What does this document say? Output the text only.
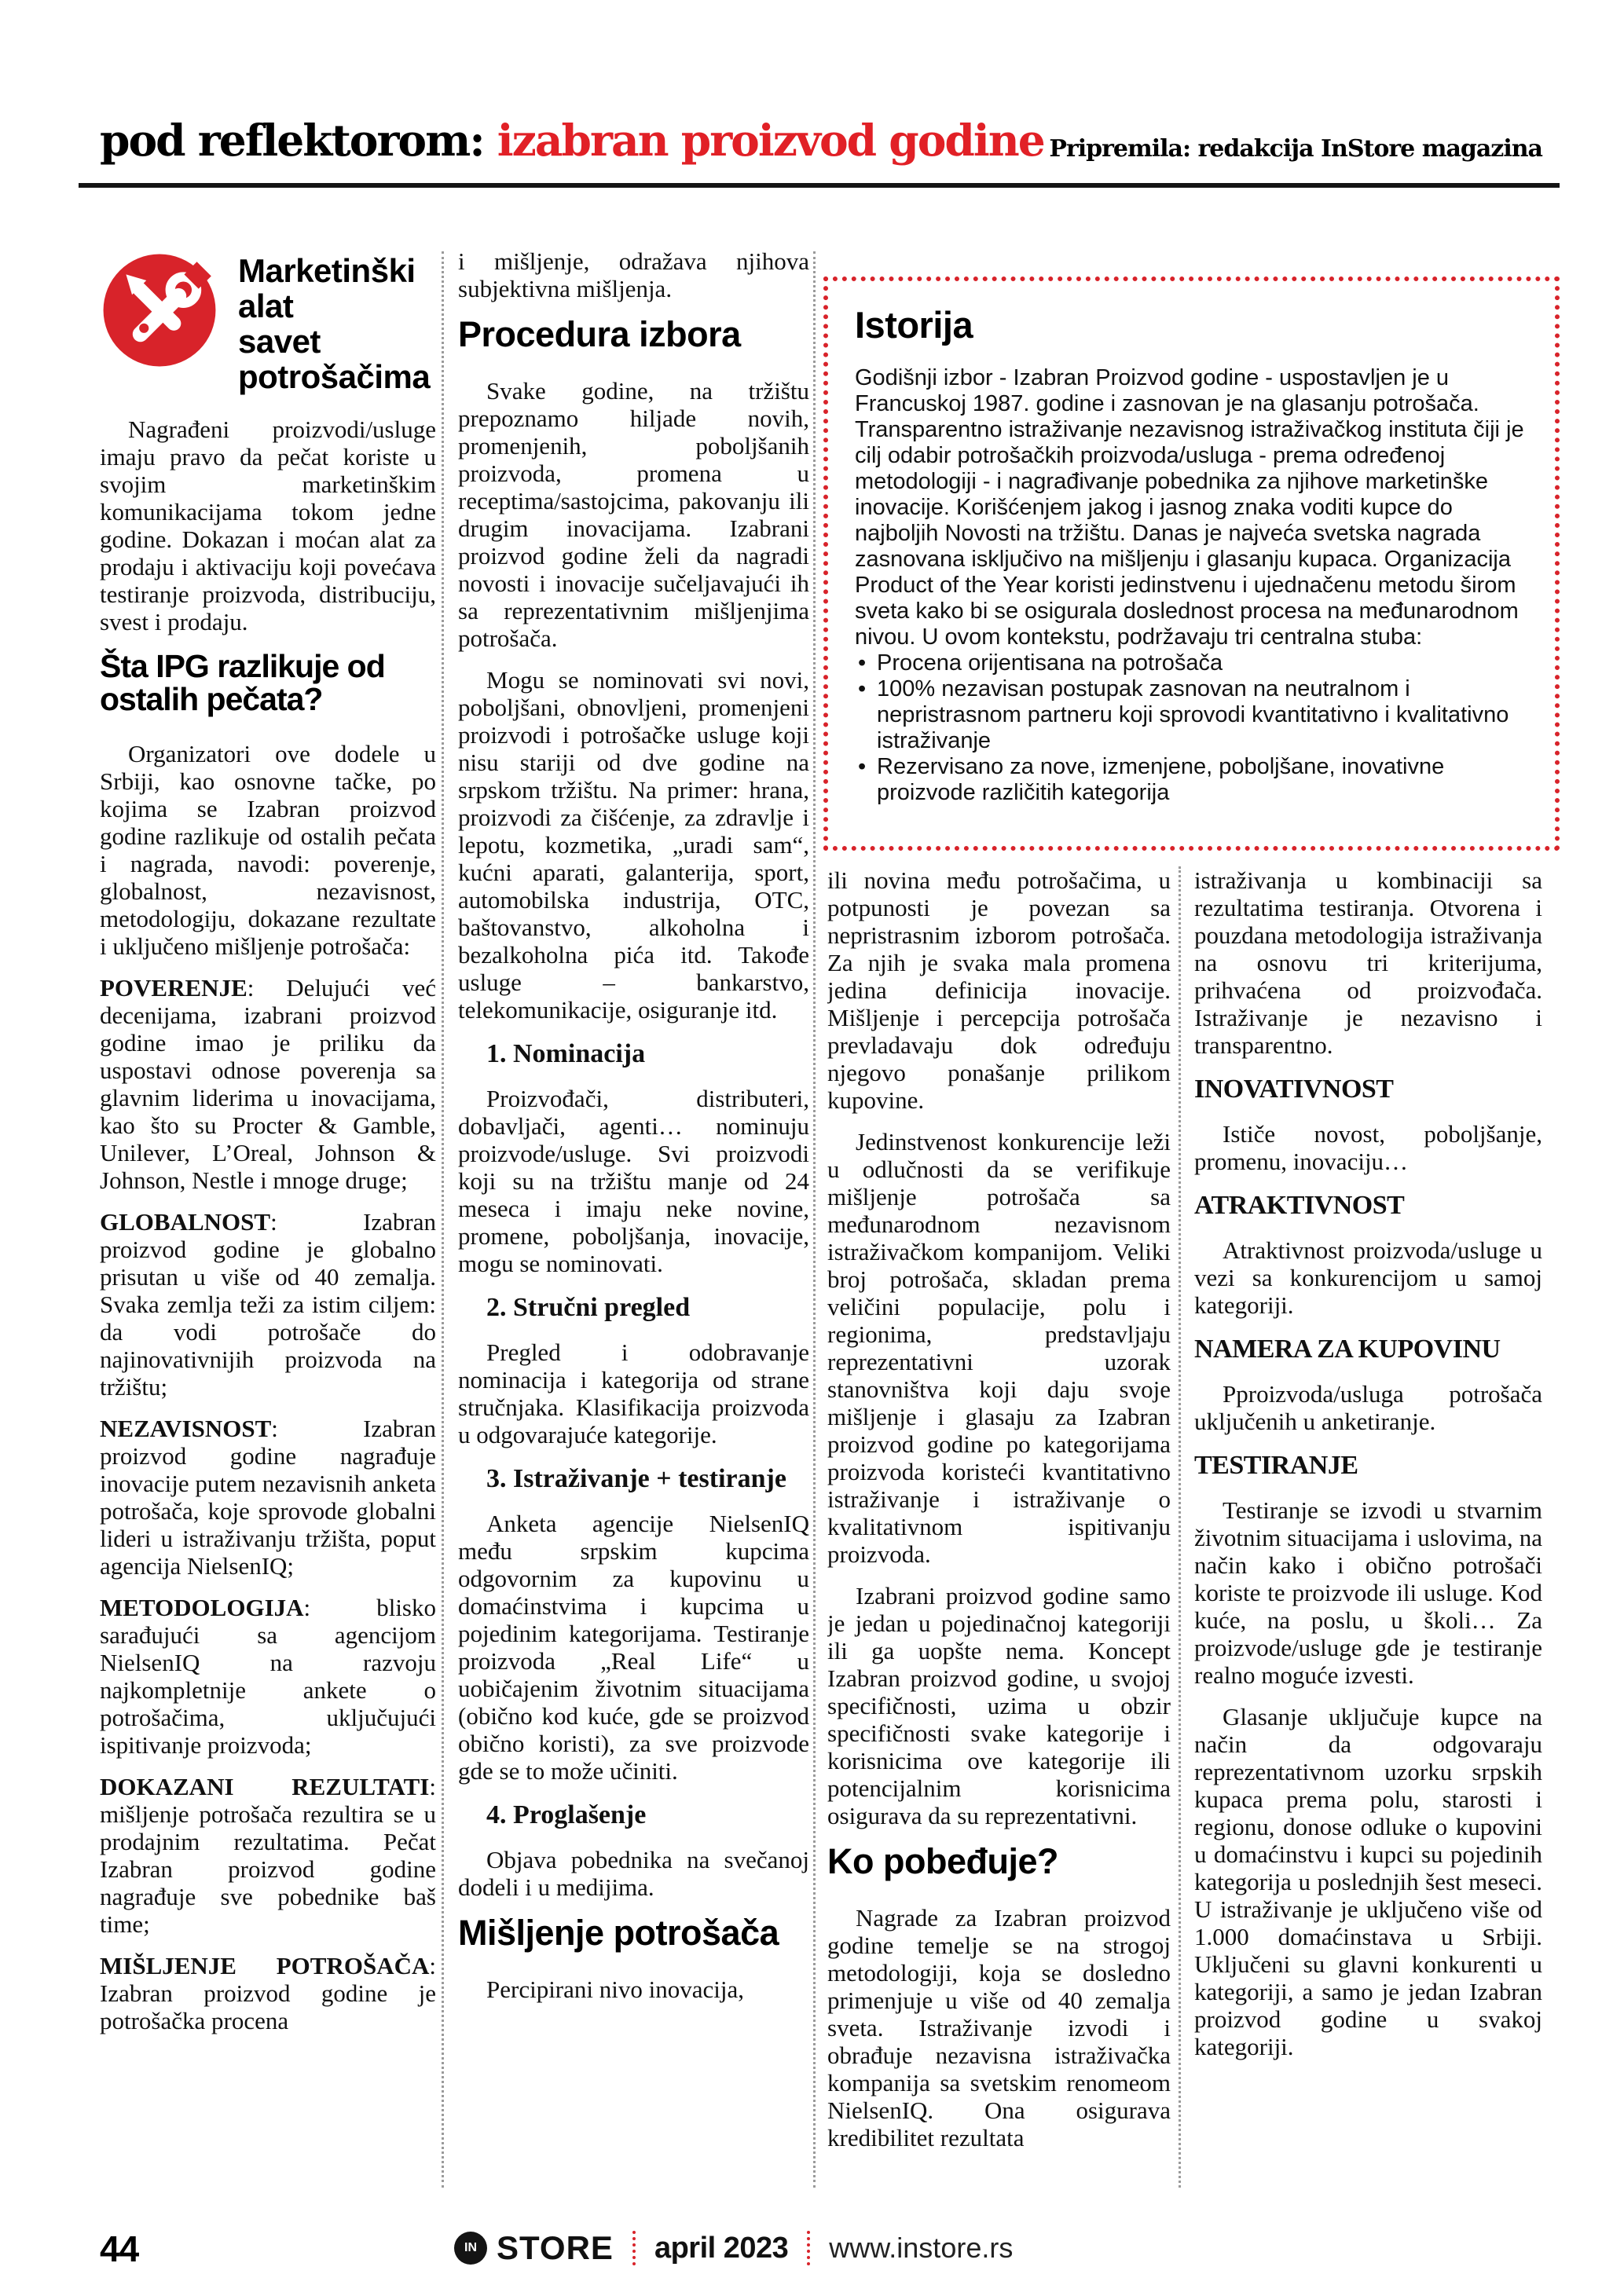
pod reflektorom: izabran proizvod godine Pripremila: redakcija InStore magazina
Marketinški
alat
savet
potrošačima

Nagrađeni proizvodi/usluge imaju pravo da pečat koriste u svojim marketinškim komunikacijama tokom jedne godine. Dokazan i moćan alat za prodaju i aktivaciju koji povećava testiranje proizvoda, distribuciju, svest i prodaju.

Šta IPG razlikuje od ostalih pečata?

Organizatori ove dodele u Srbiji, kao osnovne tačke, po kojima se Izabran proizvod godine razlikuje od ostalih pečata i nagrada, navodi: poverenje, globalnost, nezavisnost, metodologiju, dokazane rezultate i uključeno mišljenje potrošača:

POVERENJE: Delujući već decenijama, izabrani proizvod godine imao je priliku da uspostavi odnose poverenja sa glavnim liderima u inovacijama, kao što su Procter & Gamble, Unilever, L’Oreal, Johnson & Johnson, Nestle i mnoge druge;

GLOBALNOST: Izabran proizvod godine je globalno prisutan u više od 40 zemalja. Svaka zemlja teži za istim ciljem: da vodi potrošače do najinovativnijih proizvoda na tržištu;

NEZAVISNOST: Izabran proizvod godine nagrađuje inovacije putem nezavisnih anketa potrošača, koje sprovode globalni lideri u istraživanju tržišta, poput agencija NielsenIQ;

METODOLOGIJA: blisko sarađujući sa agencijom NielsenIQ na razvoju najkompletnije ankete o potrošačima, uključujući ispitivanje proizvoda;

DOKAZANI REZULTATI: mišljenje potrošača rezultira se u prodajnim rezultatima. Pečat Izabran proizvod godine nagrađuje sve pobednike baš time;

MIŠLJENJE POTROŠAČA: Izabran proizvod godine je potrošačka procena

i mišljenje, odražava njihova subjektivna mišljenja.

Procedura izbora

Svake godine, na tržištu prepoznamo hiljade novih, promenjenih, poboljšanih proizvoda, promena u receptima/sastojcima, pakovanju ili drugim inovacijama. Izabrani proizvod godine želi da nagradi novosti i inovacije sučeljavajući ih sa reprezentativnim mišljenjima potrošača.

Mogu se nominovati svi novi, poboljšani, obnovljeni, promenjeni proizvodi i potrošačke usluge koji nisu stariji od dve godine na srpskom tržištu. Na primer: hrana, proizvodi za čišćenje, za zdravlje i lepotu, kozmetika, „uradi sam“, kućni aparati, galanterija, sport, automobilska industrija, OTC, baštovanstvo, alkoholna i bezalkoholna pića itd. Takođe usluge – bankarstvo, telekomunikacije, osiguranje itd.

1. Nominacija

Proizvođači, distributeri, dobavljači, agenti… nominuju proizvode/usluge. Svi proizvodi koji su na tržištu manje od 24 meseca i imaju neke novine, promene, poboljšanja, inovacije, mogu se nominovati.

2. Stručni pregled

Pregled i odobravanje nominacija i kategorija od strane stručnjaka. Klasifikacija proizvoda u odgovarajuće kategorije.

3. Istraživanje + testiranje

Anketa agencije NielsenIQ među srpskim kupcima odgovornim za kupovinu u domaćinstvima i kupcima u pojedinim kategorijama. Testiranje proizvoda „Real Life“ u uobičajenim životnim situacijama (obično kod kuće, gde se proizvod obično koristi), za sve proizvode gde se to može učiniti.

4. Proglašenje

Objava pobednika na svečanoj dodeli i u medijima.

Mišljenje potrošača

Percipirani nivo inovacija,

Istorija

Godišnji izbor - Izabran Proizvod godine - uspostavljen je u Francuskoj 1987. godine i zasnovan je na glasanju potrošača. Transparentno istraživanje nezavisnog istraživačkog instituta čiji je cilj odabir potrošačkih proizvoda/usluga - prema određenoj metodologiji - i nagrađivanje pobednika za njihove marketinške inovacije. Korišćenjem jakog i jasnog znaka voditi kupce do najboljih Novosti na tržištu. Danas je najveća svetska nagrada zasnovana isključivo na mišljenju i glasanju kupaca. Organizacija Product of the Year koristi jedinstvenu i ujednačenu metodu širom sveta kako bi se osigurala doslednost procesa na međunarodnom nivou. U ovom kontekstu, podržavaju tri centralna stuba:

• Procena orijentisana na potrošača
• 100% nezavisan postupak zasnovan na neutralnom i nepristrasnom partneru koji sprovodi kvantitativno i kvalitativno istraživanje
• Rezervisano za nove, izmenjene, poboljšane, inovativne proizvode različitih kategorija

ili novina među potrošačima, u potpunosti je povezan sa nepristrasnim izborom potrošača. Za njih je svaka mala promena jedina definicija inovacije. Mišljenje i percepcija potrošača prevladavaju dok određuju njegovo ponašanje prilikom kupovine.

Jedinstvenost konkurencije leži u odlučnosti da se verifikuje mišljenje potrošača sa međunarodnom nezavisnom istraživačkom kompanijom. Veliki broj potrošača, skladan prema veličini populacije, polu i regionima, predstavljaju reprezentativni uzorak stanovništva koji daju svoje mišljenje i glasaju za Izabran proizvod godine po kategorijama proizvoda koristeći kvantitativno istraživanje i istraživanje o kvalitativnom ispitivanju proizvoda.

Izabrani proizvod godine samo je jedan u pojedinačnoj kategoriji ili ga uopšte nema. Koncept Izabran proizvod godine, u svojoj specifičnosti, uzima u obzir specifičnosti svake kategorije i korisnicima ove kategorije ili potencijalnim korisnicima osigurava da su reprezentativni.

Ko pobeđuje?

Nagrade za Izabran proizvod godine temelje se na strogoj metodologiji, koja se dosledno primenjuje u više od 40 zemalja sveta. Istraživanje izvodi i obrađuje nezavisna istraživačka kompanija sa svetskim renomeom NielsenIQ. Ona osigurava kredibilitet rezultata

istraživanja u kombinaciji sa rezultatima testiranja. Otvorena i pouzdana metodologija istraživanja na osnovu tri kriterijuma, prihvaćena od proizvođača. Istraživanje je nezavisno i transparentno.

INOVATIVNOST

Ističe novost, poboljšanje, promenu, inovaciju…

ATRAKTIVNOST

Atraktivnost proizvoda/usluge u vezi sa konkurencijom u samoj kategoriji.

NAMERA ZA KUPOVINU

Pproizvoda/usluga potrošača uključenih u anketiranje.

TESTIRANJE

Testiranje se izvodi u stvarnim životnim situacijama i uslovima, na način kako i obično potrošači koriste te proizvode ili usluge. Kod kuće, na poslu, u školi… Za proizvode/usluge gde je testiranje realno moguće izvesti.

Glasanje uključuje kupce na način da odgovaraju reprezentativnom uzorku srpskih kupaca prema polu, starosti i regionu, donose odluke o kupovini u domaćinstvu i kupci su pojedinih kategorija u poslednjih šest meseci. U istraživanje je uključeno više od 1.000 domaćinstava u Srbiji. Uključeni su glavni konkurenti u kategoriji, a samo je jedan Izabran proizvod godine u svakoj kategoriji.

44	IN STORE april 2023 www.instore.rs
